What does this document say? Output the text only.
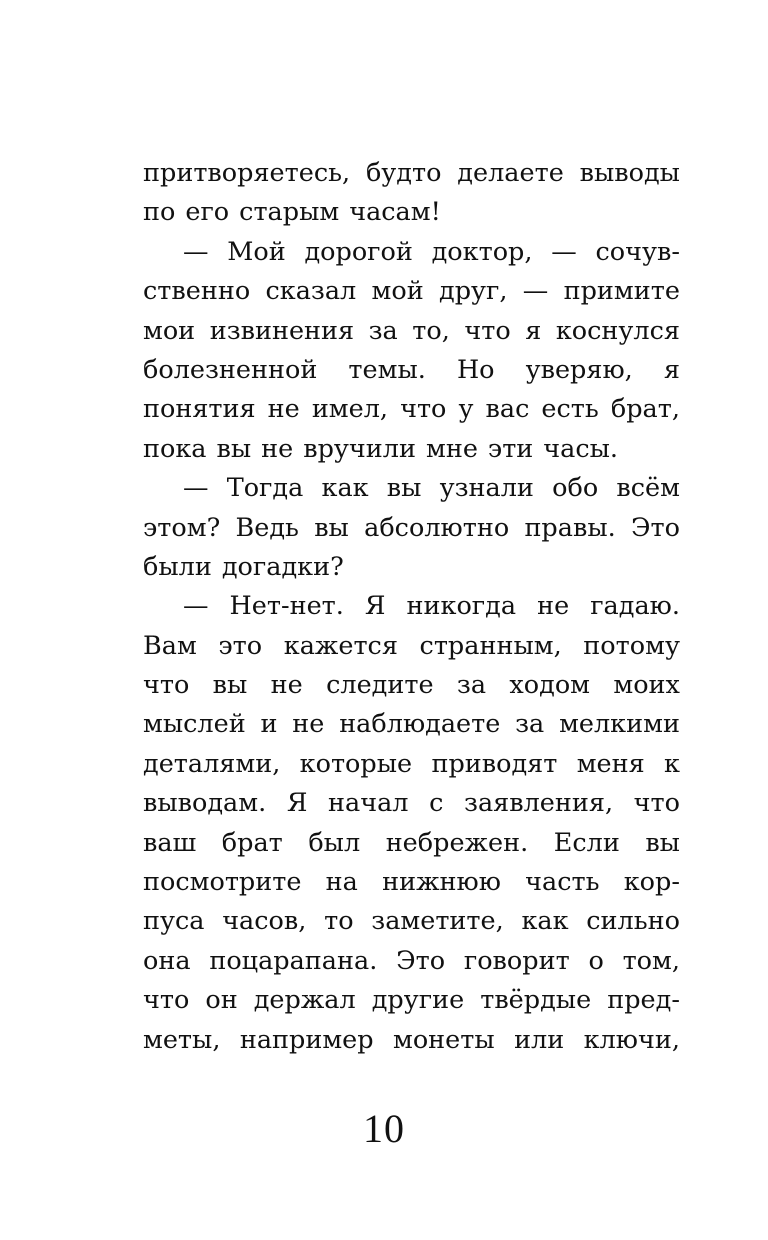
притворяетесь, будто делаете выводы
по его старым часам!
— Мой дорогой доктор, — сочув-
ственно сказал мой друг, — примите
мои извинения за то, что я коснулся
болезненной темы. Но уверяю, я
понятия не имел, что у вас есть брат,
пока вы не вручили мне эти часы.
— Тогда как вы узнали обо всём
этом? Ведь вы абсолютно правы. Это
были догадки?
— Нет-нет. Я никогда не гадаю.
Вам это кажется странным, потому
что вы не следите за ходом моих
мыслей и не наблюдаете за мелкими
деталями, которые приводят меня к
выводам. Я начал с заявления, что
ваш брат был небрежен. Если вы
посмотрите на нижнюю часть кор-
пуса часов, то заметите, как сильно
она поцарапана. Это говорит о том,
что он держал другие твёрдые пред-
меты, например монеты или ключи,
10
